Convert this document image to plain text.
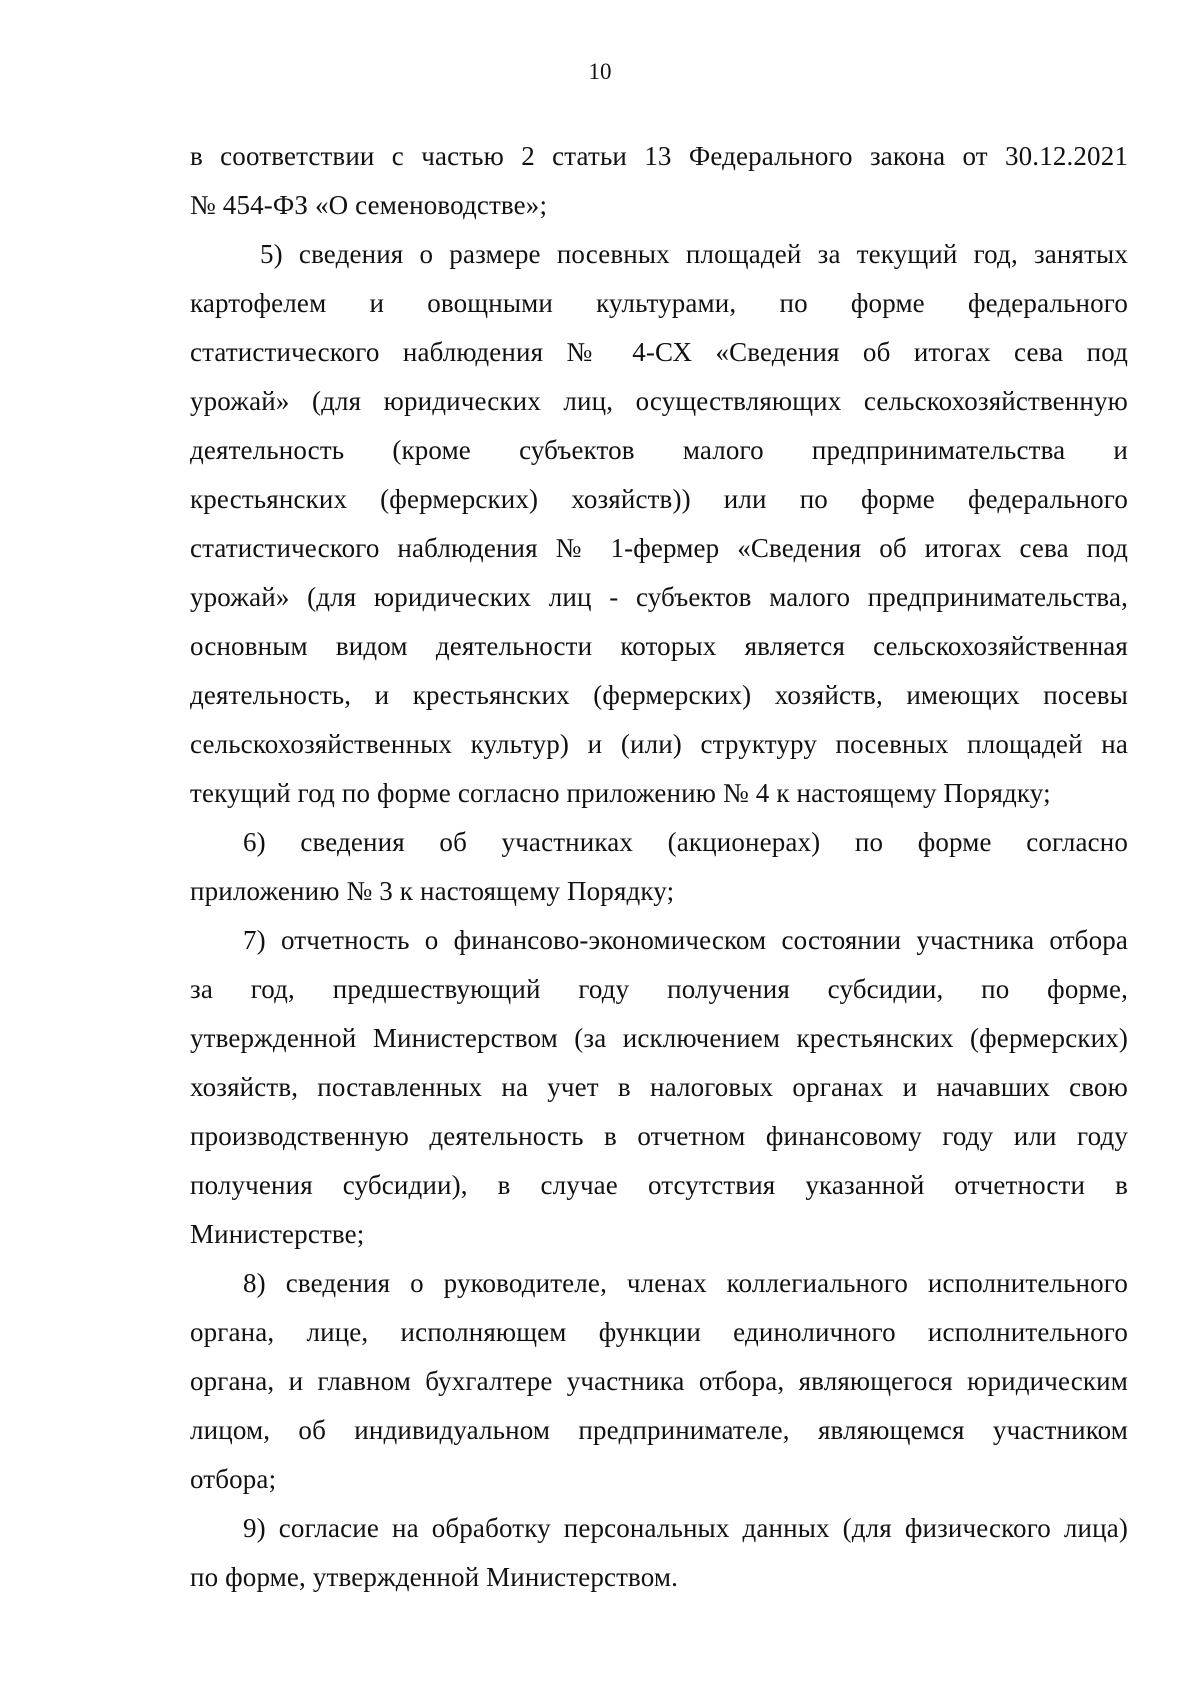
10
в соответствии с частью 2 статьи 13 Федерального закона от 30.12.2021
№ 454-ФЗ «О семеноводстве»;
5) сведения о размере посевных площадей за текущий год, занятых
картофелем и овощными культурами, по форме федерального
статистического наблюдения № 4-СХ «Сведения об итогах сева под
урожай» (для юридических лиц, осуществляющих сельскохозяйственную
деятельность (кроме субъектов малого предпринимательства и
крестьянских (фермерских) хозяйств)) или по форме федерального
статистического наблюдения № 1-фермер «Сведения об итогах сева под
урожай» (для юридических лиц - субъектов малого предпринимательства,
основным видом деятельности которых является сельскохозяйственная
деятельность, и крестьянских (фермерских) хозяйств, имеющих посевы
сельскохозяйственных культур) и (или) структуру посевных площадей на
текущий год по форме согласно приложению № 4 к настоящему Порядку;
6) сведения об участниках (акционерах) по форме согласно
приложению № 3 к настоящему Порядку;
7) отчетность о финансово-экономическом состоянии участника отбора
за год, предшествующий году получения субсидии, по форме,
утвержденной Министерством (за исключением крестьянских (фермерских)
хозяйств, поставленных на учет в налоговых органах и начавших свою
производственную деятельность в отчетном финансовому году или году
получения субсидии), в случае отсутствия указанной отчетности в
Министерстве;
8) сведения о руководителе, членах коллегиального исполнительного
органа, лице, исполняющем функции единоличного исполнительного
органа, и главном бухгалтере участника отбора, являющегося юридическим
лицом, об индивидуальном предпринимателе, являющемся участником
отбора;
9) согласие на обработку персональных данных (для физического лица)
по форме, утвержденной Министерством.
